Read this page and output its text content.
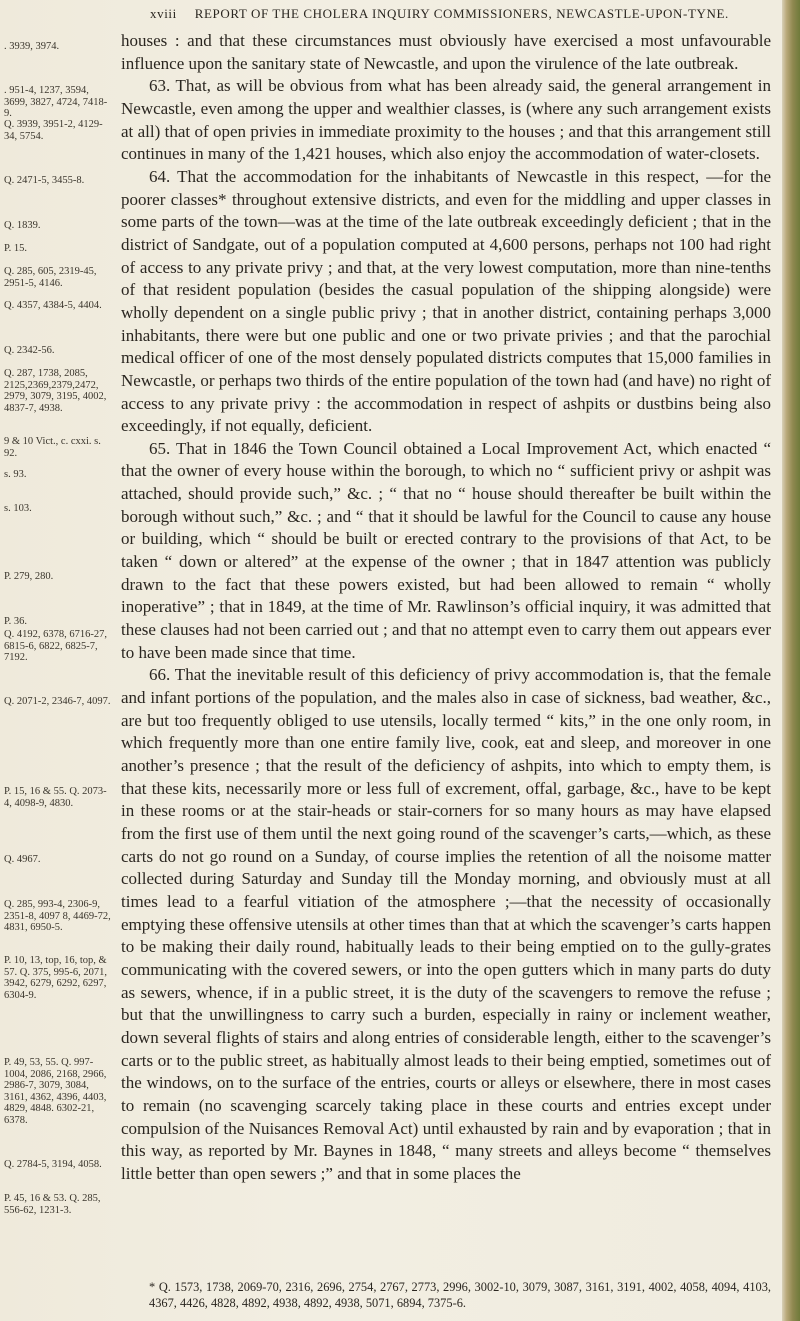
xviii REPORT OF THE CHOLERA INQUIRY COMMISSIONERS, NEWCASTLE-UPON-TYNE.
. 3939, 3974.
. 951-4, 1237, 3594, 3699, 3827, 4724, 7418-9.
Q. 3939, 3951-2, 4129-34, 5754.
Q. 2471-5, 3455-8.
Q. 1839.
P. 15.
Q. 285, 605, 2319-45, 2951-5, 4146.
Q. 4357, 4384-5, 4404.
Q. 2342-56.
Q. 287, 1738, 2085, 2125,2369,2379,2472, 2979, 3079, 3195, 4002, 4837-7, 4938.
9 & 10 Vict., c. cxxi. s. 92.
s. 93.
s. 103.
P. 279, 280.
P. 36.
Q. 4192, 6378, 6716-27, 6815-6, 6822, 6825-7, 7192.
Q. 2071-2, 2346-7, 4097.
P. 15, 16 & 55. Q. 2073-4, 4098-9, 4830.
Q. 4967.
Q. 285, 993-4, 2306-9, 2351-8, 4097 8, 4469-72, 4831, 6950-5.
P. 10, 13, top, 16, top, & 57. Q. 375, 995-6, 2071, 3942, 6279, 6292, 6297, 6304-9.
P. 49, 53, 55. Q. 997-1004, 2086, 2168, 2966, 2986-7, 3079, 3084, 3161, 4362, 4396, 4403, 4829, 4848. 6302-21, 6378.
Q. 2784-5, 3194, 4058.
P. 45, 16 & 53. Q. 285, 556-62, 1231-3.

houses : and that these circumstances must obviously have exercised a most unfavourable influence upon the sanitary state of Newcastle, and upon the virulence of the late outbreak.

63. That, as will be obvious from what has been already said, the general arrangement in Newcastle, even among the upper and wealthier classes, is (where any such arrangement exists at all) that of open privies in immediate proximity to the houses ; and that this arrangement still continues in many of the 1,421 houses, which also enjoy the accommodation of water-closets.

64. That the accommodation for the inhabitants of Newcastle in this respect, —for the poorer classes* throughout extensive districts, and even for the middling and upper classes in some parts of the town—was at the time of the late outbreak exceedingly deficient ; that in the district of Sandgate, out of a population computed at 4,600 persons, perhaps not 100 had right of access to any private privy ; and that, at the very lowest computation, more than nine-tenths of that resident population (besides the casual population of the shipping alongside) were wholly dependent on a single public privy ; that in another district, containing perhaps 3,000 inhabitants, there were but one public and one or two private privies ; and that the parochial medical officer of one of the most densely populated districts computes that 15,000 families in Newcastle, or perhaps two thirds of the entire population of the town had (and have) no right of access to any private privy : the accommodation in respect of ashpits or dustbins being also exceedingly, if not equally, deficient.

65. That in 1846 the Town Council obtained a Local Improvement Act, which enacted “ that the owner of every house within the borough, to which no “ sufficient privy or ashpit was attached, should provide such,” &c. ; “ that no “ house should thereafter be built within the borough without such,” &c. ; and “ that it should be lawful for the Council to cause any house or building, which “ should be built or erected contrary to the provisions of that Act, to be taken “ down or altered” at the expense of the owner ; that in 1847 attention was publicly drawn to the fact that these powers existed, but had been allowed to remain “ wholly inoperative” ; that in 1849, at the time of Mr. Rawlinson’s official inquiry, it was admitted that these clauses had not been carried out ; and that no attempt even to carry them out appears ever to have been made since that time.

66. That the inevitable result of this deficiency of privy accommodation is, that the female and infant portions of the population, and the males also in case of sickness, bad weather, &c., are but too frequently obliged to use utensils, locally termed “ kits,” in the one only room, in which frequently more than one entire family live, cook, eat and sleep, and moreover in one another’s presence ; that the result of the deficiency of ashpits, into which to empty them, is that these kits, necessarily more or less full of excrement, offal, garbage, &c., have to be kept in these rooms or at the stair-heads or stair-corners for so many hours as may have elapsed from the first use of them until the next going round of the scavenger’s carts,—which, as these carts do not go round on a Sunday, of course implies the retention of all the noisome matter collected during Saturday and Sunday till the Monday morning, and obviously must at all times lead to a fearful vitiation of the atmosphere ;—that the necessity of occasionally emptying these offensive utensils at other times than that at which the scavenger’s carts happen to be making their daily round, habitually leads to their being emptied on to the gully-grates communicating with the covered sewers, or into the open gutters which in many parts do duty as sewers, whence, if in a public street, it is the duty of the scavengers to remove the refuse ; but that the unwillingness to carry such a burden, especially in rainy or inclement weather, down several flights of stairs and along entries of considerable length, either to the scavenger’s carts or to the public street, as habitually almost leads to their being emptied, sometimes out of the windows, on to the surface of the entries, courts or alleys or elsewhere, there in most cases to remain (no scavenging scarcely taking place in these courts and entries except under compulsion of the Nuisances Removal Act) until exhausted by rain and by evaporation ; that in this way, as reported by Mr. Baynes in 1848, “ many streets and alleys become “ themselves little better than open sewers ;” and that in some places the

* Q. 1573, 1738, 2069-70, 2316, 2696, 2754, 2767, 2773, 2996, 3002-10, 3079, 3087, 3161, 3191, 4002, 4058, 4094, 4103, 4367, 4426, 4828, 4892, 4938, 4892, 4938, 5071, 6894, 7375-6.
